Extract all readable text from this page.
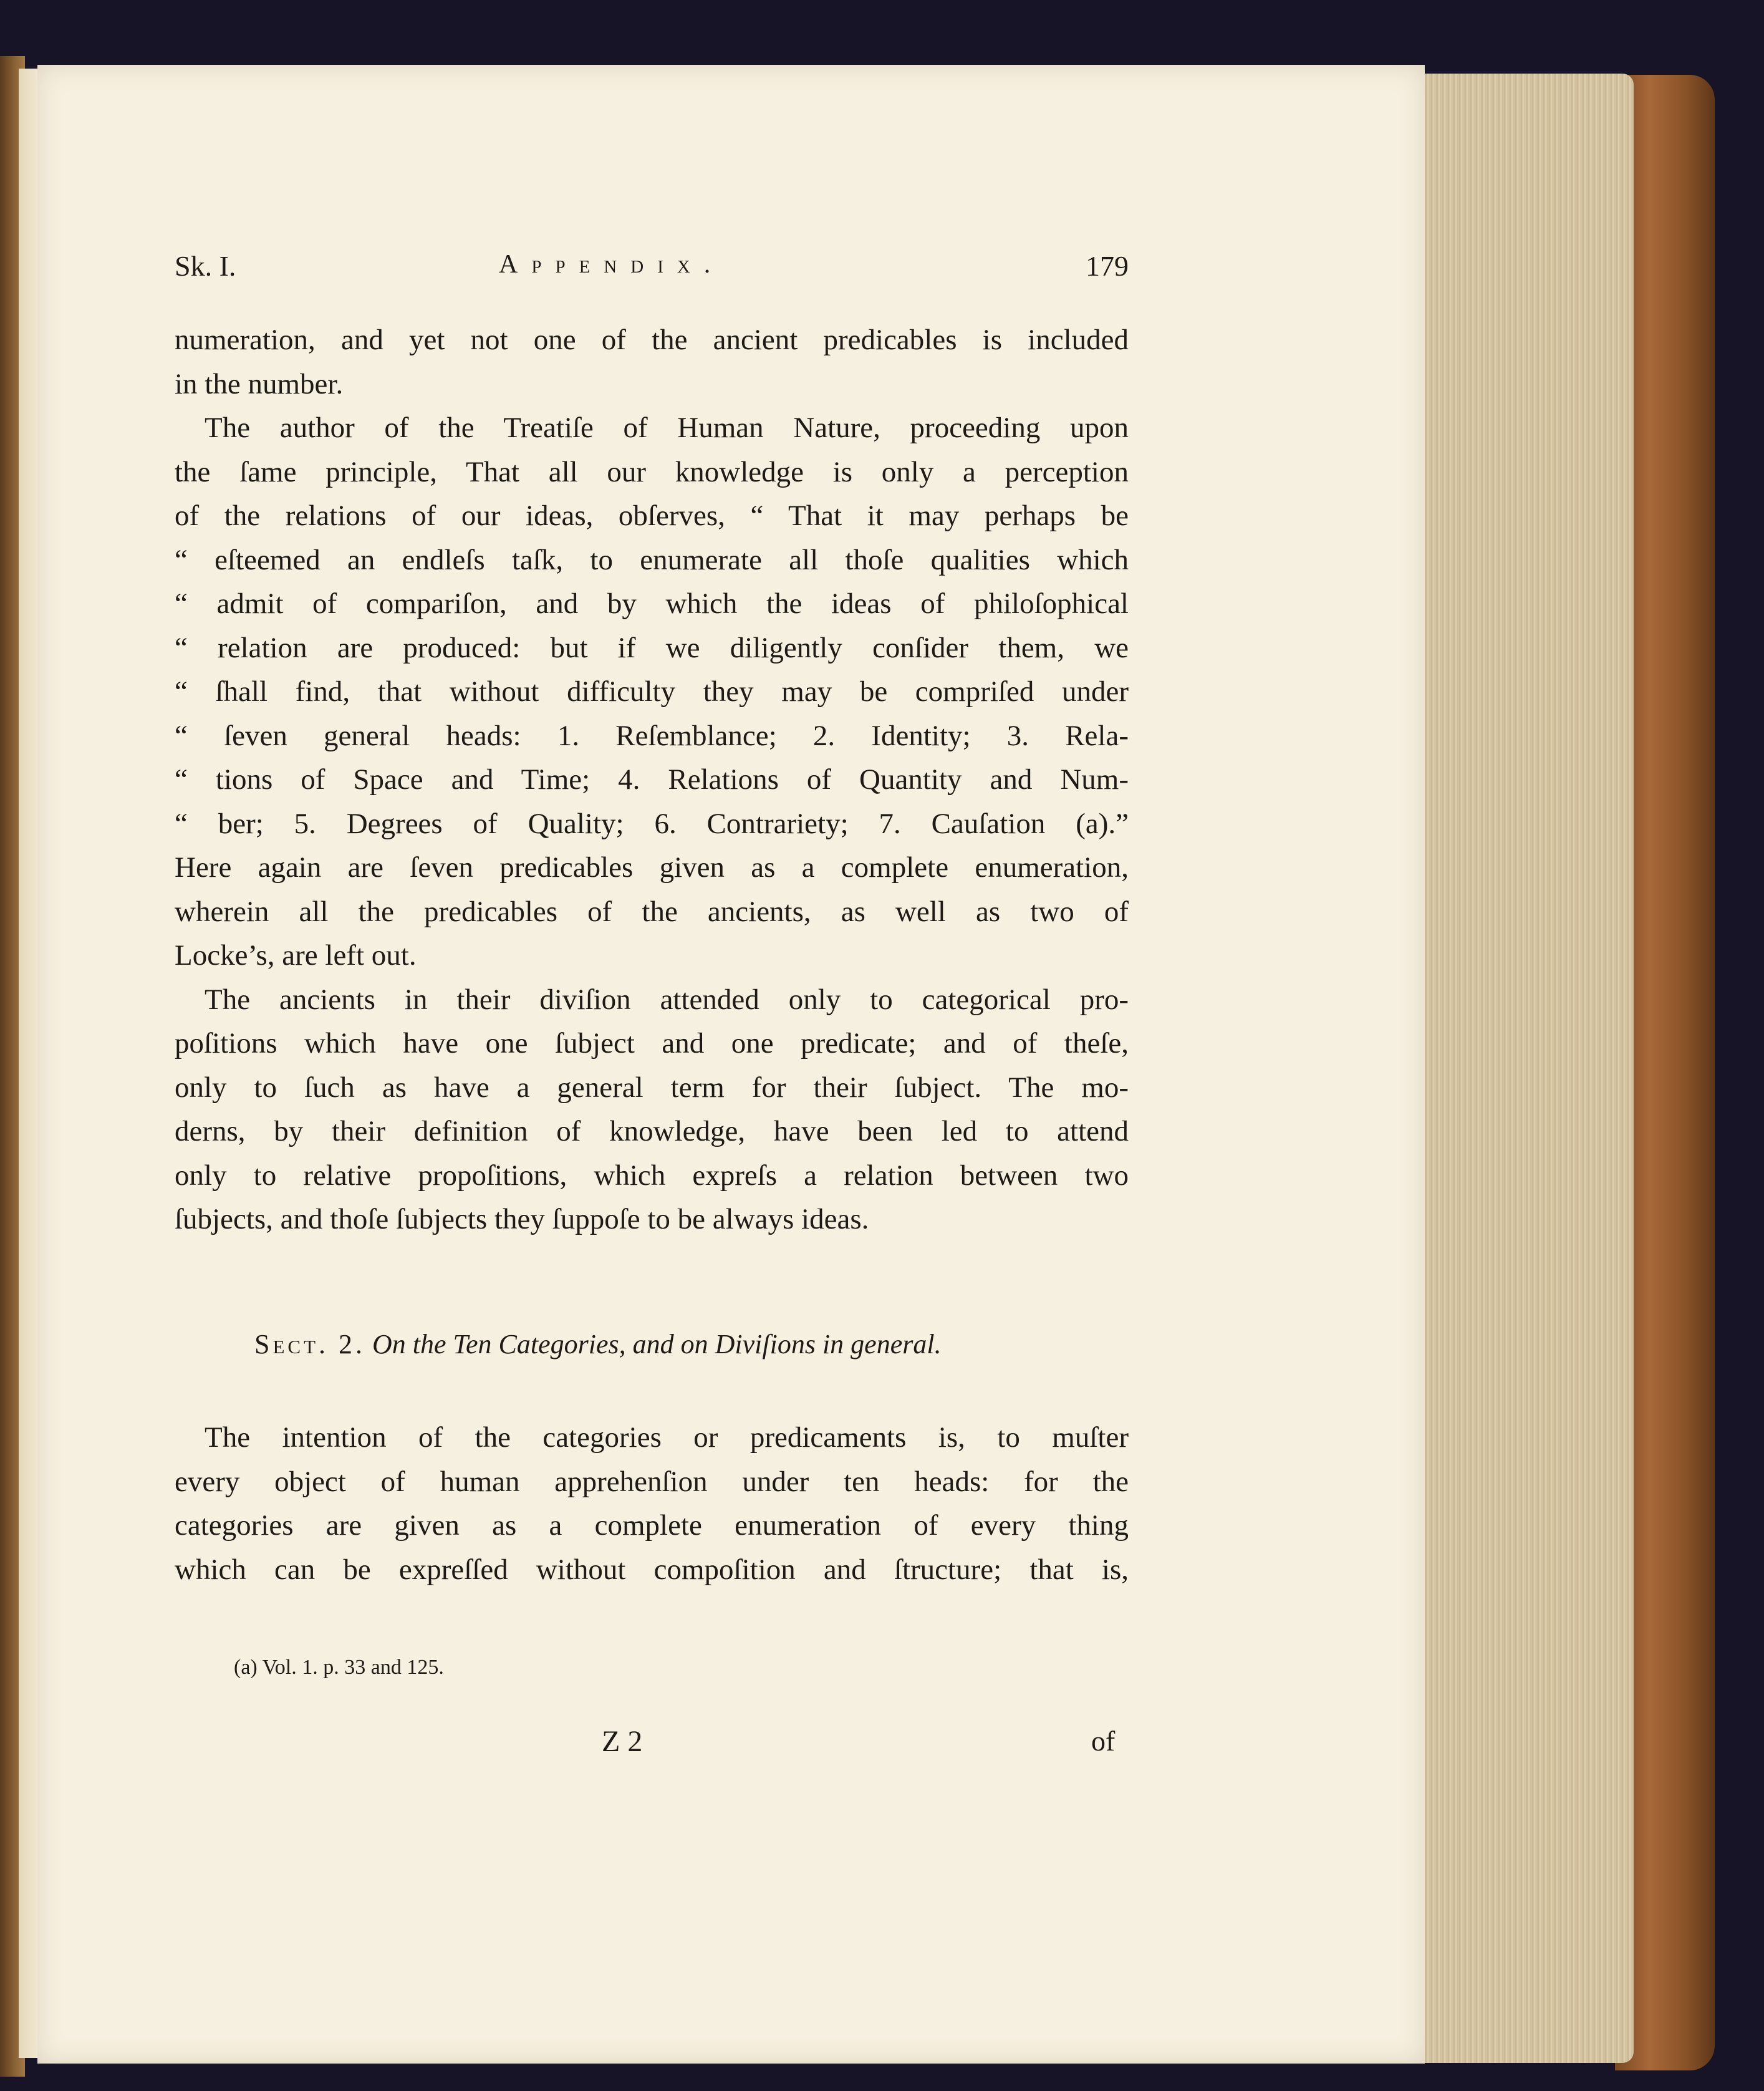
Sk. I.	Appendix.	179
numeration, and yet not one of the ancient predicables is included
in the number.
The author of the Treatiſe of Human Nature, proceeding upon
the ſame principle, That all our knowledge is only a perception
of the relations of our ideas, obſerves, “ That it may perhaps be
“ eſteemed an endleſs taſk, to enumerate all thoſe qualities which
“ admit of compariſon, and by which the ideas of philoſophical
“ relation are produced: but if we diligently conſider them, we
“ ſhall find, that without difficulty they may be compriſed under
“ ſeven general heads: 1. Reſemblance; 2. Identity; 3. Rela-
“ tions of Space and Time; 4. Relations of Quantity and Num-
“ ber; 5. Degrees of Quality; 6. Contrariety; 7. Cauſation (a).”
Here again are ſeven predicables given as a complete enumeration,
wherein all the predicables of the ancients, as well as two of
Locke’s, are left out.
The ancients in their diviſion attended only to categorical pro-
poſitions which have one ſubject and one predicate; and of theſe,
only to ſuch as have a general term for their ſubject. The mo-
derns, by their definition of knowledge, have been led to attend
only to relative propoſitions, which expreſs a relation between two
ſubjects, and thoſe ſubjects they ſuppoſe to be always ideas.
Sect. 2. On the Ten Categories, and on Diviſions in general.
The intention of the categories or predicaments is, to muſter
every object of human apprehenſion under ten heads: for the
categories are given as a complete enumeration of every thing
which can be expreſſed without compoſition and ſtructure; that is,
(a) Vol. 1. p. 33 and 125.
Z 2	of
